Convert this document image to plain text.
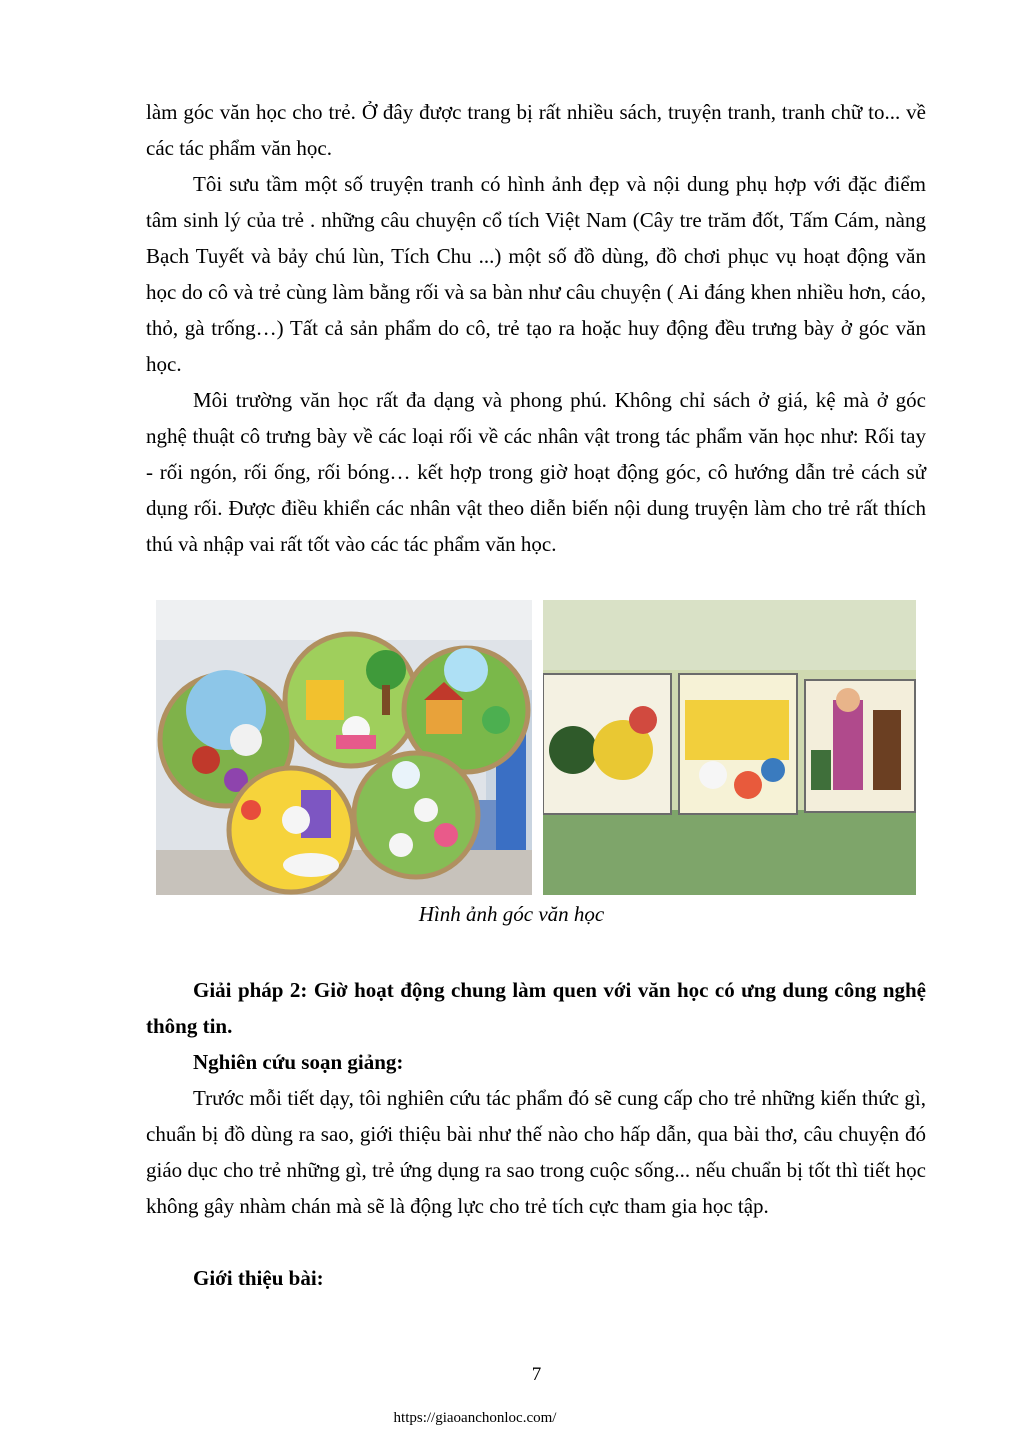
làm góc văn học cho trẻ. Ở đây được trang bị rất nhiều sách, truyện tranh, tranh chữ to... về các tác phẩm văn học.

Tôi sưu tầm một số truyện tranh có hình ảnh đẹp và nội dung phụ hợp với đặc điểm tâm sinh lý của trẻ . những câu chuyện cổ tích Việt Nam (Cây tre trăm đốt, Tấm Cám, nàng Bạch Tuyết và bảy chú lùn, Tích Chu ...) một số đồ dùng, đồ chơi phục vụ hoạt động văn học do cô và trẻ cùng làm bằng rối và sa bàn như câu chuyện ( Ai đáng khen nhiều hơn, cáo, thỏ, gà trống…) Tất cả sản phẩm do cô, trẻ tạo ra hoặc huy động đều trưng bày ở góc văn học.

Môi trường văn học rất đa dạng và phong phú. Không chỉ sách ở giá, kệ mà ở góc nghệ thuật cô trưng bày về các loại rối về các nhân vật trong tác phẩm văn học như: Rối tay - rối ngón, rối ống, rối bóng… kết hợp trong giờ hoạt động góc, cô hướng dẫn trẻ cách sử dụng rối. Được điều khiển các nhân vật theo diễn biến nội dung truyện làm cho trẻ rất thích thú và nhập vai rất tốt vào các tác phẩm văn học.

Hình ảnh góc văn học

Giải pháp 2: Giờ hoạt động chung làm quen với văn học có ưng dung công nghệ thông tin.

Nghiên cứu soạn giảng:

Trước mỗi tiết dạy, tôi nghiên cứu tác phẩm đó sẽ cung cấp cho trẻ những kiến thức gì, chuẩn bị đồ dùng ra sao, giới thiệu bài như thế nào cho hấp dẫn, qua bài thơ, câu chuyện đó giáo dục cho trẻ những gì, trẻ ứng dụng ra sao trong cuộc sống... nếu chuẩn bị tốt thì tiết học không gây nhàm chán mà sẽ là động lực cho trẻ tích cực tham gia học tập.

Giới thiệu bài:

7
https://giaoanchonloc.com/
